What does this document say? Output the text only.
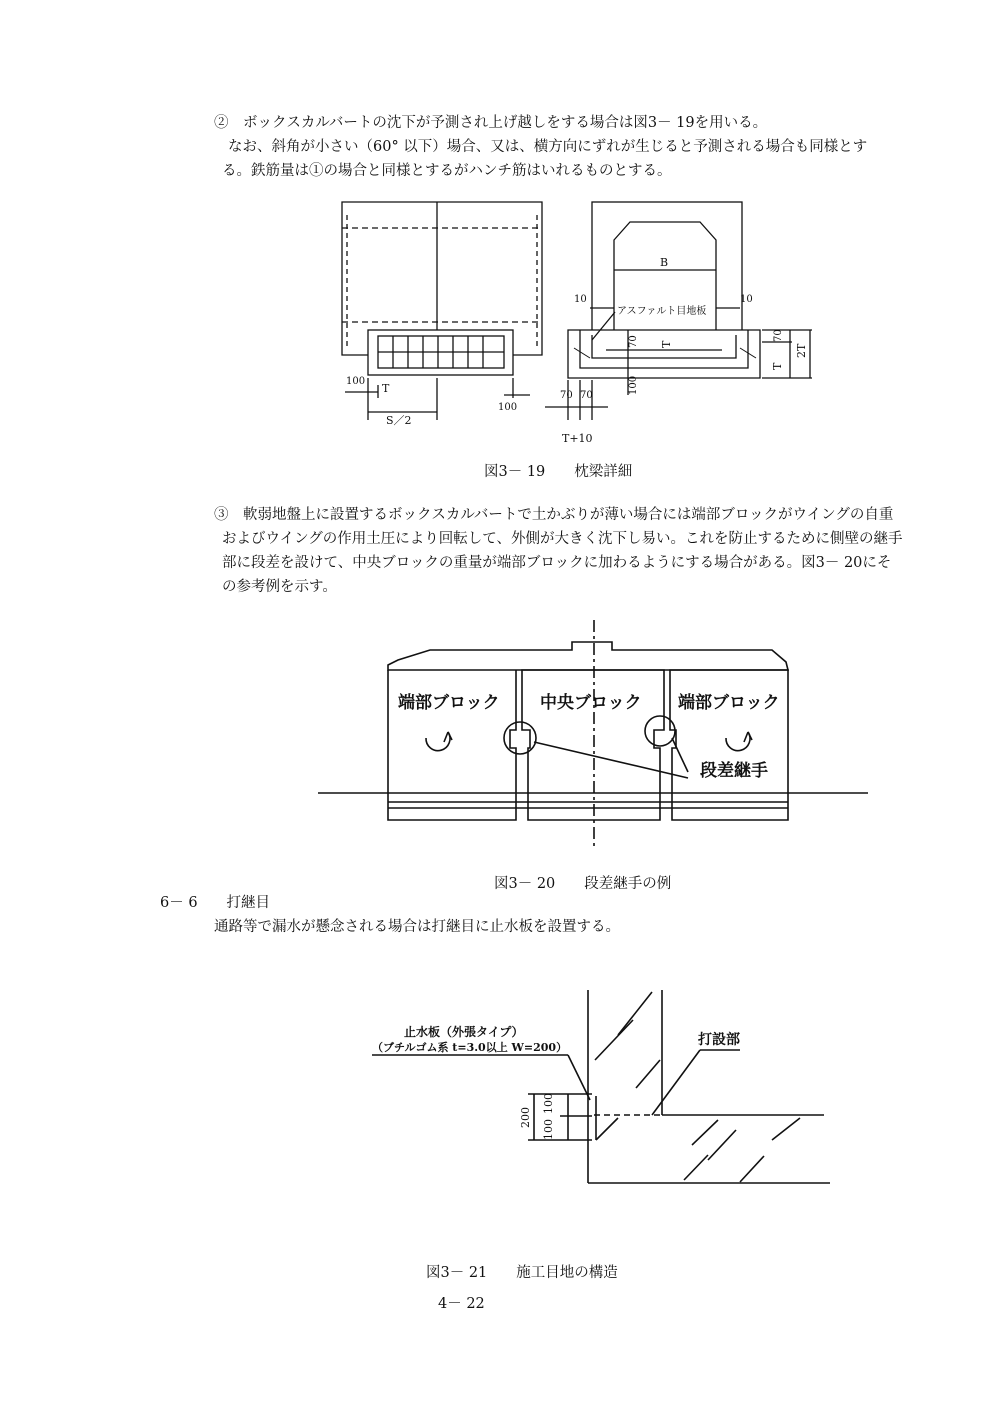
②　ボックスカルバートの沈下が予測され上げ越しをする場合は図3－ 19を用いる。
なお、斜角が小さい（60° 以下）場合、又は、横方向にずれが生じると予測される場合も同様とす
る。鉄筋量は①の場合と同様とするがハンチ筋はいれるものとする。
B
10	10
アスファルト目地板
70 T
100
70
T
2T
100
T
100
S／2
70 70
T+10
図3－ 19　　枕梁詳細
③　軟弱地盤上に設置するボックスカルバートで土かぶりが薄い場合には端部ブロックがウイングの自重
およびウイングの作用土圧により回転して、外側が大きく沈下し易い。これを防止するために側壁の継手
部に段差を設けて、中央ブロックの重量が端部ブロックに加わるようにする場合がある。図3－ 20にそ
の参考例を示す。
端部ブロック 中央ブロック 端部ブロック
段差継手
図3－ 20　　段差継手の例
6－ 6　　打継目
通路等で漏水が懸念される場合は打継目に止水板を設置する。
止水板（外張タイプ）
（ブチルゴム系 t=3.0以上 W=200）	打設部
200
100
100
図3－ 21　　施工目地の構造
4－ 22
